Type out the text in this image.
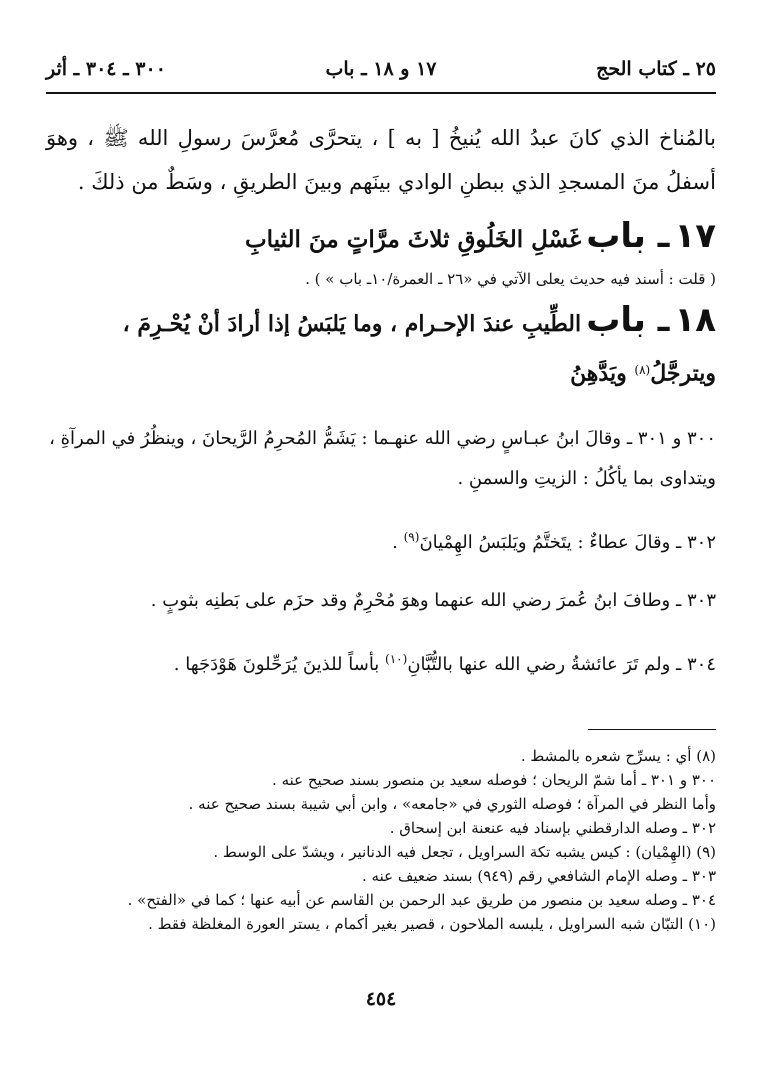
٢٥ ـ كتاب الحج
١٧ و ١٨ ـ باب
٣٠٠ ـ ٣٠٤ ـ أثر

بالمُناخ الذي كانَ عبدُ الله يُنيخُ [ به ] ، يتحرَّى مُعرَّسَ رسولِ الله ﷺ ، وهوَ أسفلُ منَ المسجدِ الذي ببطنِ الوادي بينَهم وبينَ الطريقِ ، وسَطٌ من ذلكَ .

١٧ ـ باب غَسْلِ الخَلُوقِ ثلاثَ مرَّاتٍ منَ الثيابِ

( قلت : أسند فيه حديث يعلى الآتي في «٢٦ ـ العمرة/١٠ـ باب » ) .

١٨ ـ باب الطِّيبِ عندَ الإحـرام ، وما يَلبَسُ إذا أرادَ أنْ يُحْـرِمَ ، ويترجَّلُ$^{(٨)}$ ويَدَّهِنُ

٣٠٠ و ٣٠١ ـ وقالَ ابنُ عبـاسٍ رضي الله عنهـما : يَشَمُّ المُحرِمُ الرَّيحانَ ، وينظُرُ في المرآةِ ، ويتداوى بما يأكُلُ : الزيتِ والسمنِ .

٣٠٢ ـ وقالَ عطاءٌ : يتَختَّمُ ويَلبَسُ الهِمْيانَ$^{(٩)}$ .

٣٠٣ ـ وطافَ ابنُ عُمرَ رضي الله عنهما وهوَ مُحْرِمٌ وقد حزَم على بَطنِه بثوبٍ .

٣٠٤ ـ ولم تَرَ عائشةُ رضي الله عنها بالتُّبَّانِ$^{(١٠)}$ بأساً للذينَ يُرَحِّلونَ هَوْدَجَها .

(٨) أي : يسرِّح شعره بالمشط .

٣٠٠ و ٣٠١ ـ أما شمّ الريحان ؛ فوصله سعيد بن منصور بسند صحيح عنه .

وأما النظر في المرآة ؛ فوصله الثوري في «جامعه» ، وابن أبي شيبة بسند صحيح عنه .

٣٠٢ ـ وصله الدارقطني بإسناد فيه عنعنة ابن إسحاق .

(٩) (الهِمْيان) : كيس يشبه تكة السراويل ، تجعل فيه الدنانير ، ويشدّ على الوسط .

٣٠٣ ـ وصله الإمام الشافعي رقم (٩٤٩) بسند ضعيف عنه .

٣٠٤ ـ وصله سعيد بن منصور من طريق عبد الرحمن بن القاسم عن أبيه عنها ؛ كما في «الفتح» .

(١٠) التبّان شبه السراويل ، يلبسه الملاحون ، قصير بغير أكمام ، يستر العورة المغلظة فقط .

٤٥٤
